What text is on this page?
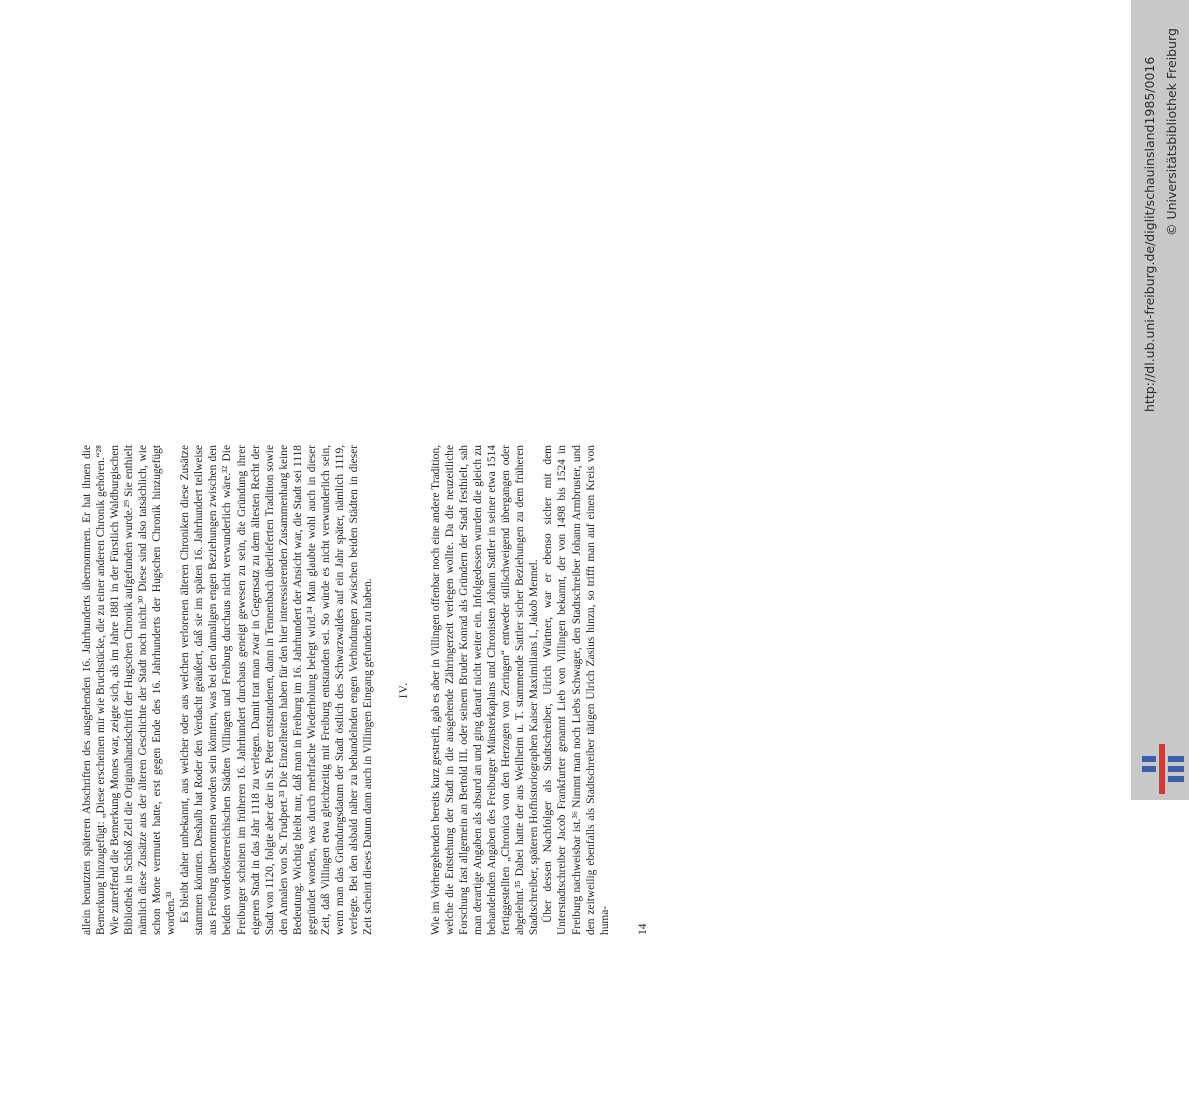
allein benutzten späteren Abschriften des ausgehenden 16. Jahrhunderts übernommen. Er hat ihnen die Bemerkung hinzugefügt: „Diese erscheinen mir wie Bruchstücke, die zu einer anderen Chronik gehören.“²⁸ Wie zutreffend die Bemerkung Mones war, zeigte sich, als im Jahre 1881 in der Fürstlich Waldburgischen Bibliothek in Schloß Zeil die Originalhandschrift der Hugschen Chronik aufgefunden wurde.²⁹ Sie enthielt nämlich diese Zusätze aus der älteren Geschichte der Stadt noch nicht.³⁰ Diese sind also tatsächlich, wie schon Mone vermutet hatte, erst gegen Ende des 16. Jahrhunderts der Hugschen Chronik hinzugefügt worden.³¹ Es bleibt daher unbekannt, aus welcher oder aus welchen verlorenen älteren Chroniken diese Zusätze stammen könnten. Deshalb hat Roder den Verdacht geäußert, daß sie im späten 16. Jahrhundert teilweise aus Freiburg übernommen worden sein könnten, was bei den damaligen engen Beziehungen zwischen den beiden vorderösterreichischen Städten Villingen und Freiburg durchaus nicht verwunderlich wäre.³² Die Freiburger scheinen im früheren 16. Jahrhundert durchaus geneigt gewesen zu sein, die Gründung ihrer eigenen Stadt in das Jahr 1118 zu verlegen. Damit trat man zwar in Gegensatz zu dem ältesten Recht der Stadt von 1120, folgte aber der in St. Peter entstandenen, dann in Tennenbach überlieferten Tradition sowie den Annalen von St. Trudpert.³³ Die Einzelheiten haben für den hier interessierenden Zusammenhang keine Bedeutung. Wichtig bleibt nur, daß man in Freiburg im 16. Jahrhundert der Ansicht war, die Stadt sei 1118 gegründet worden, was durch mehrfache Wiederholung belegt wird.³⁴ Man glaubte wohl auch in dieser Zeit, daß Villingen etwa gleichzeitig mit Freiburg entstanden sei. So würde es nicht verwunderlich sein, wenn man das Gründungsdatum der Stadt östlich des Schwarzwaldes auf ein Jahr später, nämlich 1119, verlegte. Bei den alsbald näher zu behandelnden engen Verbindungen zwischen beiden Städten in dieser Zeit scheint dieses Datum dann auch in Villingen Eingang gefunden zu haben. IV. Wie im Vorhergehenden bereits kurz gestreift, gab es aber in Villingen offenbar noch eine andere Tradition, welche die Entstehung der Stadt in die ausgehende Zähringerzeit verlegen wollte. Da die neuzeitliche Forschung fast allgemein an Bertold III. oder seinem Bruder Konrad als Gründern der Stadt festhielt, sah man derartige Angaben als absurd an und ging darauf nicht weiter ein. Infolgedessen wurden die gleich zu behandelnden Angaben des Freiburger Münsterkaplans und Chronisten Johann Sattler in seiner etwa 1514 fertiggestellten „Chronica von den Herzogen von Zeringen“ entweder stillschweigend übergangen oder abgelehnt.³⁵ Dabei hatte der aus Weilheim u. T. stammende Sattler sicher Beziehungen zu dem früheren Stadtschreiber, späteren Hofhistoriographen Kaiser Maximilians I., Jakob Mennel. Über dessen Nachfolger als Stadtschreiber, Ulrich Würtner, war er ebenso sicher mit dem Unterstadtschreiber Jacob Frankfurter genannt Lieb von Villingen bekannt, der von 1498 bis 1524 in Freiburg nachweisbar ist.³⁶ Nimmt man noch Liebs Schwager, den Stadtschreiber Johann Armbruster, und den zeitweilig ebenfalls als Stadtschreiber tätigen Ulrich Zasius hinzu, so trifft man auf einen Kreis von huma- 14
http://dl.ub.uni-freiburg.de/diglit/schauinsland1985/0016 © Universitätsbibliothek Freiburg
